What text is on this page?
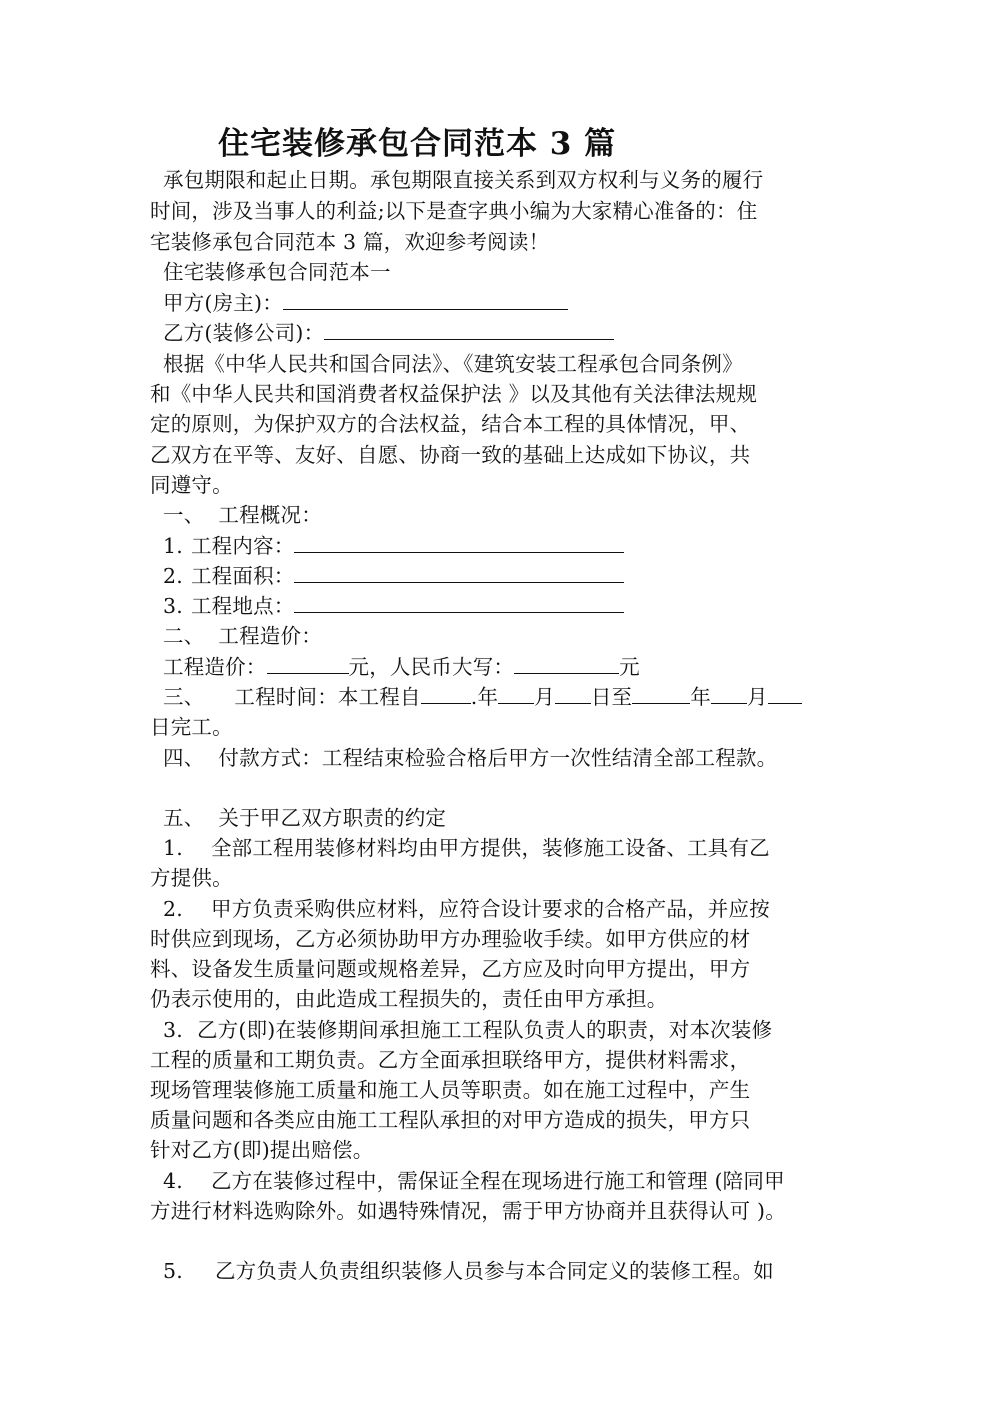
住宅装修承包合同范本 3 篇
承包期限和起止日期。承包期限直接关系到双方权利与义务的履行
时间，涉及当事人的利益;以下是查字典小编为大家精心准备的：住
宅装修承包合同范本 3 篇，欢迎参考阅读！
住宅装修承包合同范本一
甲方(房主)：
乙方(装修公司)：
根据《中华人民共和国合同法》、《建筑安装工程承包合同条例》
和《中华人民共和国消费者权益保护法 》以及其他有关法律法规规
定的原则，为保护双方的合法权益，结合本工程的具体情况，甲、
乙双方在平等、友好、自愿、协商一致的基础上达成如下协议，共
同遵守。
一、 工程概况：
1. 工程内容：
2. 工程面积：
3. 工程地点：
二、 工程造价：
工程造价：	元，人民币大写：	元
三、 工程时间：本工程自 .年 月 日至	年 月
日完工。
四、 付款方式：工程结束检验合格后甲方一次性结清全部工程款。
五、 关于甲乙双方职责的约定
1. 全部工程用装修材料均由甲方提供，装修施工设备、工具有乙
方提供。
2. 甲方负责采购供应材料，应符合设计要求的合格产品，并应按
时供应到现场，乙方必须协助甲方办理验收手续。如甲方供应的材
料、设备发生质量问题或规格差异，乙方应及时向甲方提出，甲方
仍表示使用的，由此造成工程损失的，责任由甲方承担。
3. 乙方(即)在装修期间承担施工工程队负责人的职责，对本次装修
工程的质量和工期负责。乙方全面承担联络甲方，提供材料需求，
现场管理装修施工质量和施工人员等职责。如在施工过程中，产生
质量问题和各类应由施工工程队承担的对甲方造成的损失，甲方只
针对乙方(即)提出赔偿。
4. 乙方在装修过程中，需保证全程在现场进行施工和管理 (陪同甲
方进行材料选购除外。如遇特殊情况，需于甲方协商并且获得认可 )。
5. 乙方负责人负责组织装修人员参与本合同定义的装修工程。如
